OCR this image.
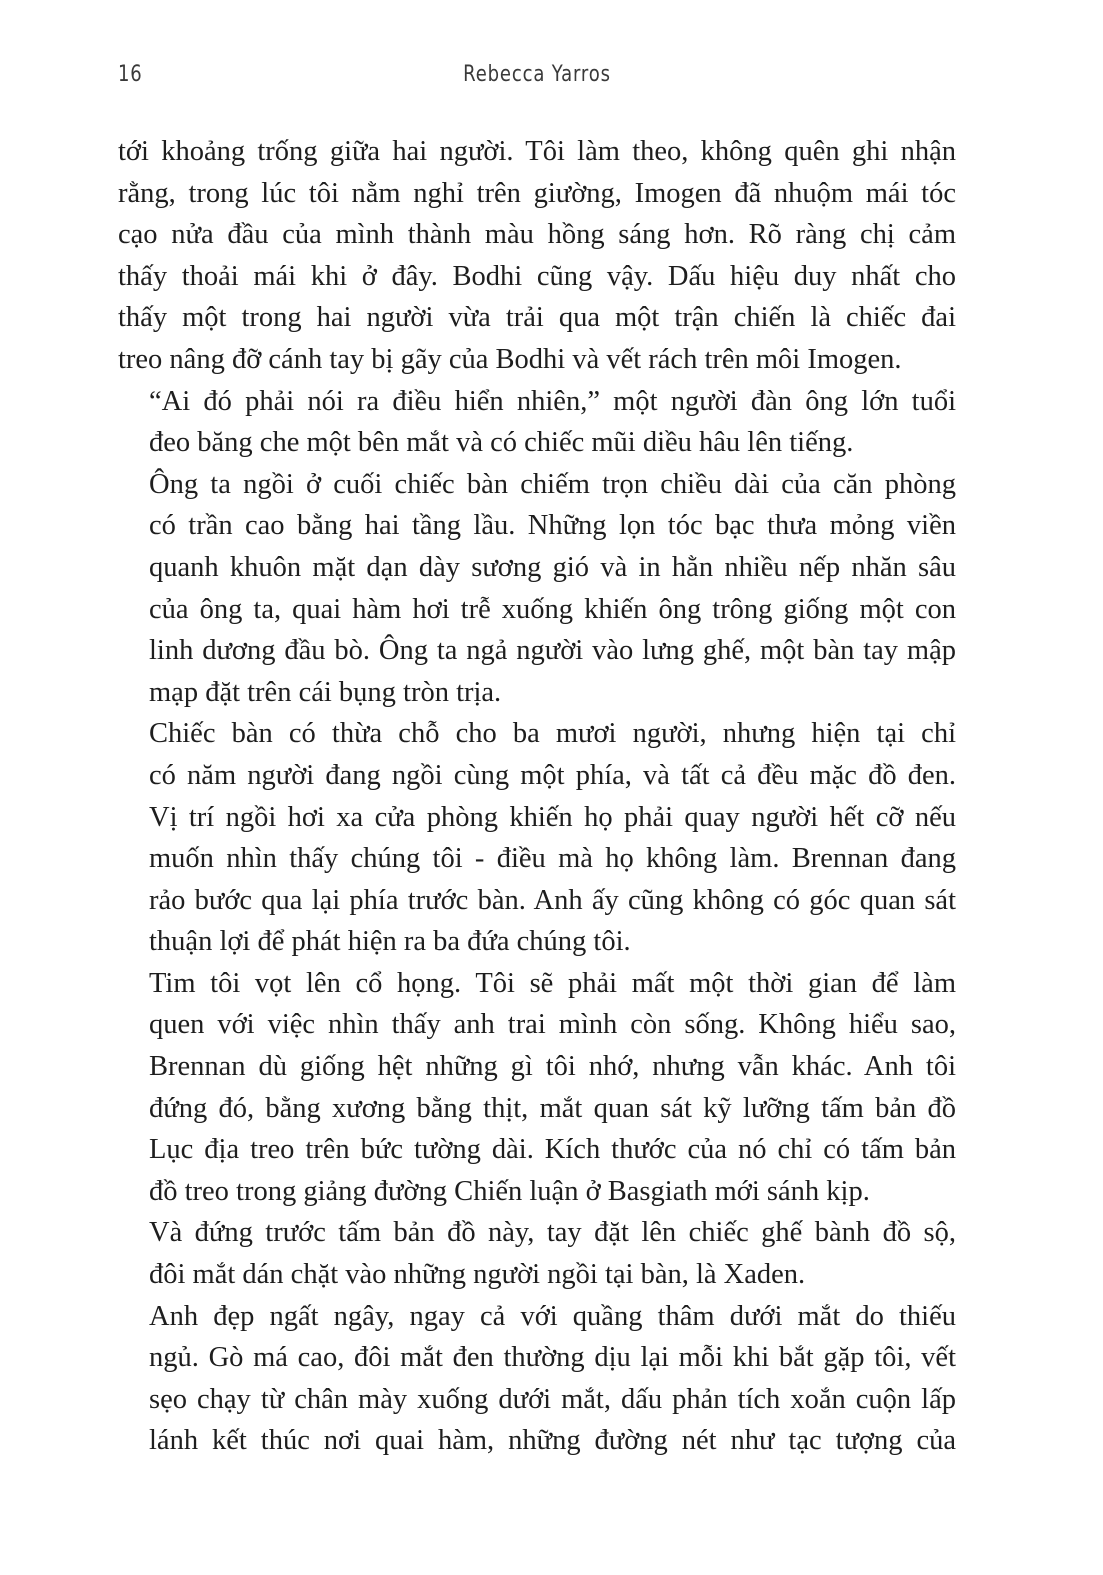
16	Rebecca Yarros

tới khoảng trống giữa hai người. Tôi làm theo, không quên ghi nhận
rằng, trong lúc tôi nằm nghỉ trên giường, Imogen đã nhuộm mái tóc
cạo nửa đầu của mình thành màu hồng sáng hơn. Rõ ràng chị cảm
thấy thoải mái khi ở đây. Bodhi cũng vậy. Dấu hiệu duy nhất cho
thấy một trong hai người vừa trải qua một trận chiến là chiếc đai
treo nâng đỡ cánh tay bị gãy của Bodhi và vết rách trên môi Imogen.

“Ai đó phải nói ra điều hiển nhiên,” một người đàn ông lớn tuổi
đeo băng che một bên mắt và có chiếc mũi diều hâu lên tiếng.

Ông ta ngồi ở cuối chiếc bàn chiếm trọn chiều dài của căn phòng
có trần cao bằng hai tầng lầu. Những lọn tóc bạc thưa mỏng viền
quanh khuôn mặt dạn dày sương gió và in hằn nhiều nếp nhăn sâu
của ông ta, quai hàm hơi trễ xuống khiến ông trông giống một con
linh dương đầu bò. Ông ta ngả người vào lưng ghế, một bàn tay mập
mạp đặt trên cái bụng tròn trịa.

Chiếc bàn có thừa chỗ cho ba mươi người, nhưng hiện tại chỉ
có năm người đang ngồi cùng một phía, và tất cả đều mặc đồ đen.
Vị trí ngồi hơi xa cửa phòng khiến họ phải quay người hết cỡ nếu
muốn nhìn thấy chúng tôi - điều mà họ không làm. Brennan đang
rảo bước qua lại phía trước bàn. Anh ấy cũng không có góc quan sát
thuận lợi để phát hiện ra ba đứa chúng tôi.

Tim tôi vọt lên cổ họng. Tôi sẽ phải mất một thời gian để làm
quen với việc nhìn thấy anh trai mình còn sống. Không hiểu sao,
Brennan dù giống hệt những gì tôi nhớ, nhưng vẫn khác. Anh tôi
đứng đó, bằng xương bằng thịt, mắt quan sát kỹ lưỡng tấm bản đồ
Lục địa treo trên bức tường dài. Kích thước của nó chỉ có tấm bản
đồ treo trong giảng đường Chiến luận ở Basgiath mới sánh kịp.

Và đứng trước tấm bản đồ này, tay đặt lên chiếc ghế bành đồ sộ,
đôi mắt dán chặt vào những người ngồi tại bàn, là Xaden.

Anh đẹp ngất ngây, ngay cả với quầng thâm dưới mắt do thiếu
ngủ. Gò má cao, đôi mắt đen thường dịu lại mỗi khi bắt gặp tôi, vết
sẹo chạy từ chân mày xuống dưới mắt, dấu phản tích xoắn cuộn lấp
lánh kết thúc nơi quai hàm, những đường nét như tạc tượng của
